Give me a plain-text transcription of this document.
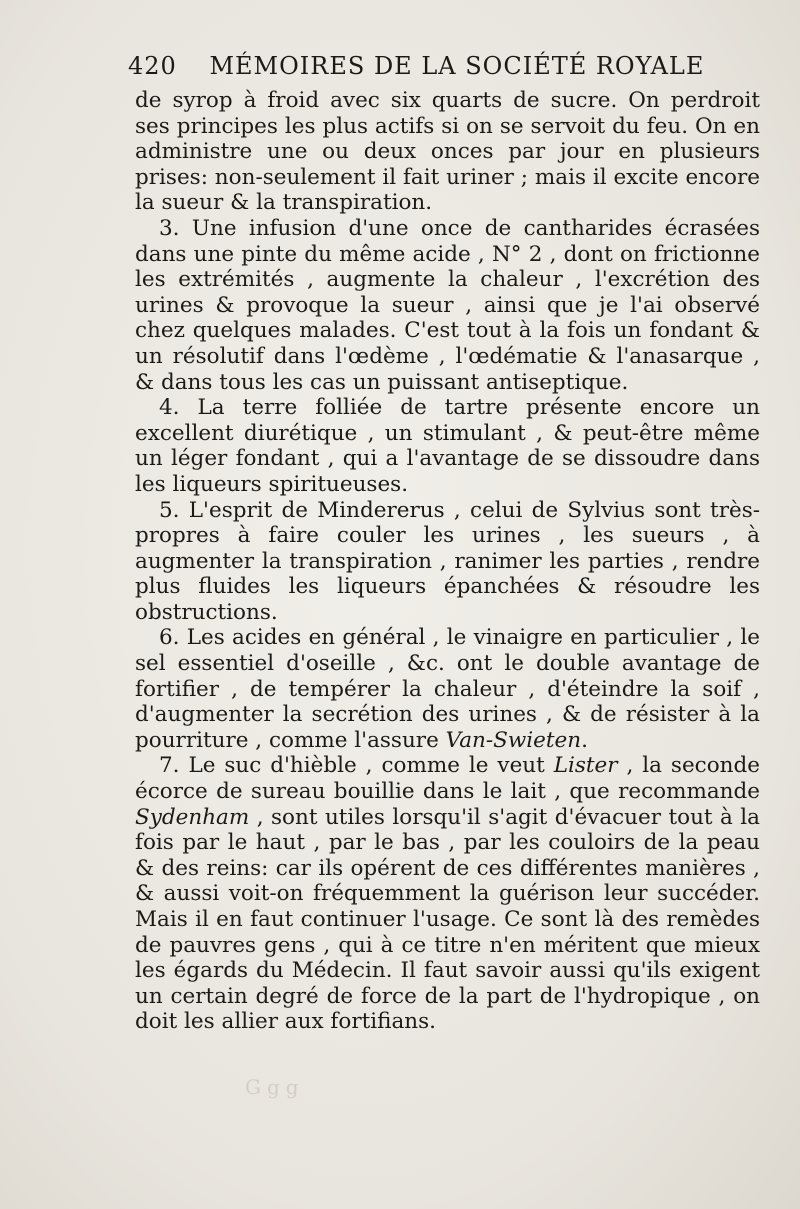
420 MÉMOIRES DE LA SOCIÉTÉ ROYALE

de syrop à froid avec six quarts de sucre. On perdroit ses principes les plus actifs si on se servoit du feu. On en administre une ou deux onces par jour en plusieurs prises: non-seulement il fait uriner ; mais il excite encore la sueur & la transpiration.

3. Une infusion d'une once de cantharides écrasées dans une pinte du même acide , N° 2 , dont on frictionne les extrémités , augmente la chaleur , l'excrétion des urines & provoque la sueur , ainsi que je l'ai observé chez quelques malades. C'est tout à la fois un fondant & un résolutif dans l'œdème , l'œdématie & l'anasarque , & dans tous les cas un puissant antiseptique.

4. La terre folliée de tartre présente encore un excellent diurétique , un stimulant , & peut-être même un léger fondant , qui a l'avantage de se dissoudre dans les liqueurs spiritueuses.

5. L'esprit de Mindererus , celui de Sylvius sont très-propres à faire couler les urines , les sueurs , à augmenter la transpiration , ranimer les parties , rendre plus fluides les liqueurs épanchées & résoudre les obstructions.

6. Les acides en général , le vinaigre en particulier , le sel essentiel d'oseille , &c. ont le double avantage de fortifier , de tempérer la chaleur , d'éteindre la soif , d'augmenter la secrétion des urines , & de résister à la pourriture , comme l'assure Van-Swieten.

7. Le suc d'hièble , comme le veut Lister , la seconde écorce de sureau bouillie dans le lait , que recommande Sydenham , sont utiles lorsqu'il s'agit d'évacuer tout à la fois par le haut , par le bas , par les couloirs de la peau & des reins: car ils opérent de ces différentes manières , & aussi voit-on fréquemment la guérison leur succéder. Mais il en faut continuer l'usage. Ce sont là des remèdes de pauvres gens , qui à ce titre n'en méritent que mieux les égards du Médecin. Il faut savoir aussi qu'ils exigent un certain degré de force de la part de l'hydropique , on doit les allier aux fortifians.

Ggg
